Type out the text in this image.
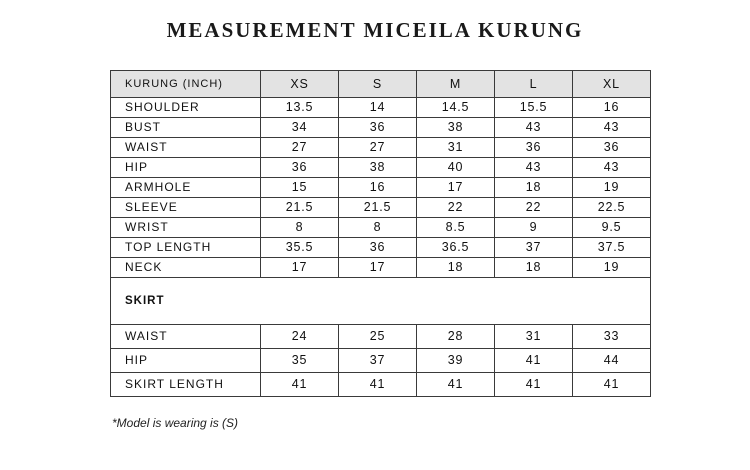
MEASUREMENT MICEILA KURUNG
KURUNG (INCH)	XS	S	M	L	XL
SHOULDER	13.5	14	14.5	15.5	16
BUST	34	36	38	43	43
WAIST	27	27	31	36	36
HIP	36	38	40	43	43
ARMHOLE	15	16	17	18	19
SLEEVE	21.5	21.5	22	22	22.5
WRIST	8	8	8.5	9	9.5
TOP LENGTH	35.5	36	36.5	37	37.5
NECK	17	17	18	18	19
SKIRT					
WAIST	24	25	28	31	33
HIP	35	37	39	41	44
SKIRT LENGTH	41	41	41	41	41
*Model is wearing is (S)
